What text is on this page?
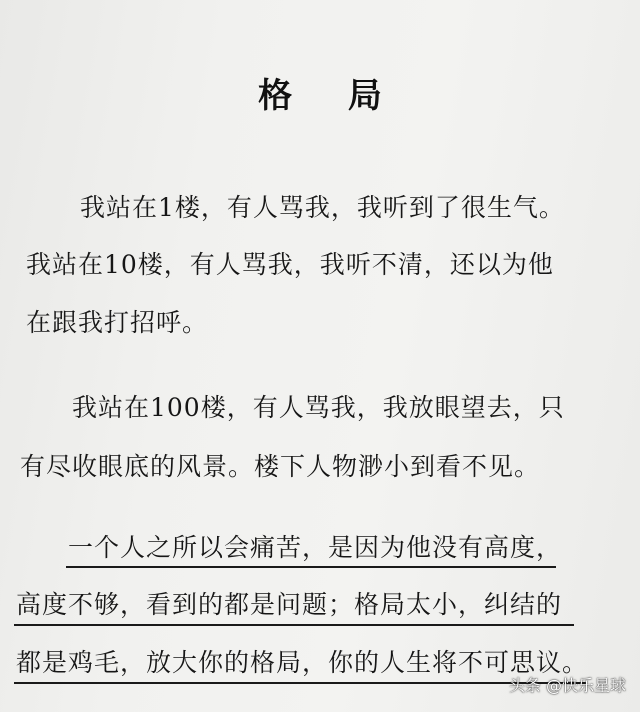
格 局
我站在1楼，有人骂我，我听到了很生气。
我站在10楼，有人骂我，我听不清，还以为他
在跟我打招呼。
我站在100楼，有人骂我，我放眼望去，只
有尽收眼底的风景。楼下人物渺小到看不见。
一个人之所以会痛苦，是因为他没有高度，
高度不够，看到的都是问题；格局太小，纠结的
都是鸡毛，放大你的格局，你的人生将不可思议。
头条 @快乐星球
